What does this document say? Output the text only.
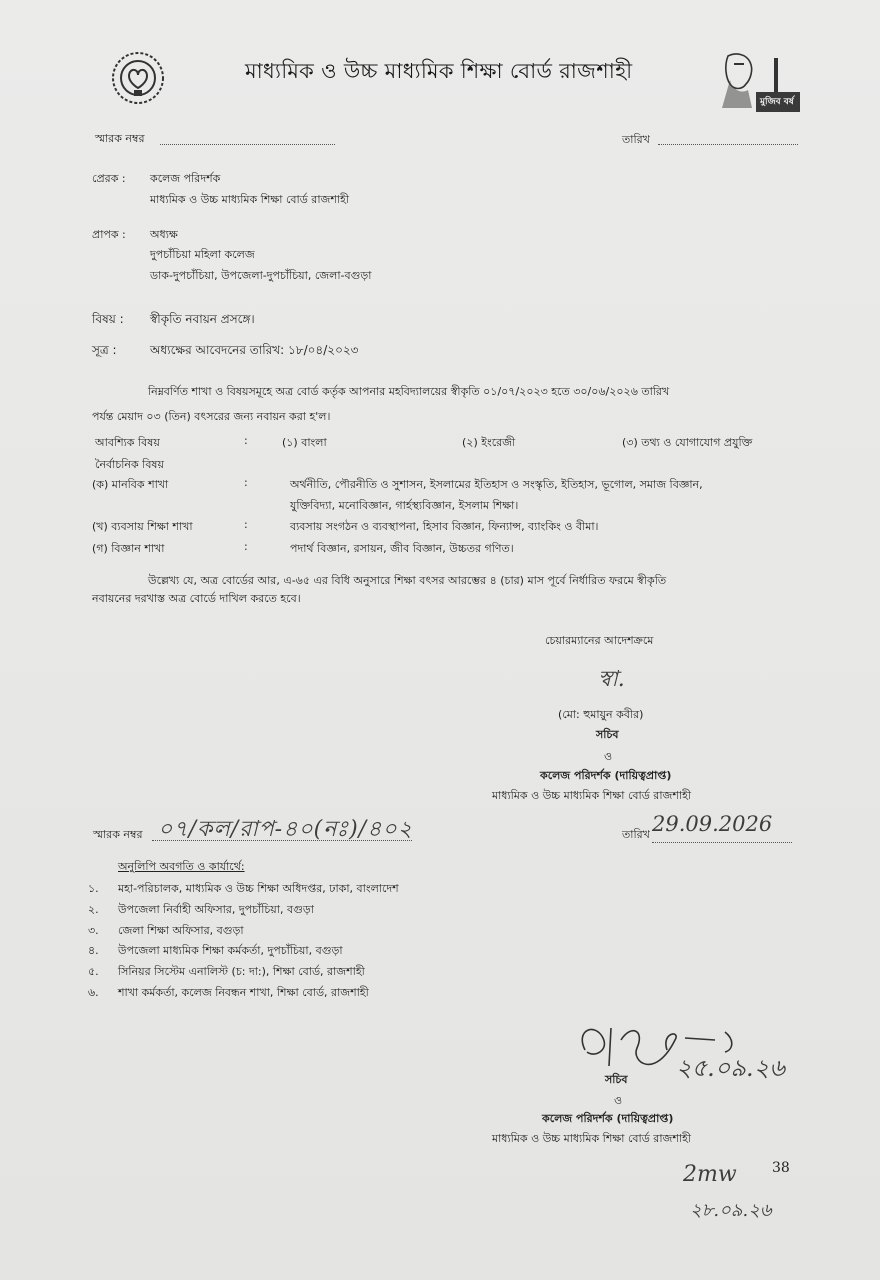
মাধ্যমিক ও উচ্চ মাধ্যমিক শিক্ষা বোর্ড রাজশাহী
মুজিব বর্ষ
স্মারক নম্বর	তারিখ
প্রেরক : কলেজ পরিদর্শক
মাধ্যমিক ও উচ্চ মাধ্যমিক শিক্ষা বোর্ড রাজশাহী
প্রাপক : অধ্যক্ষ
দুপচাঁচিয়া মহিলা কলেজ
ডাক-দুপচাঁচিয়া, উপজেলা-দুপচাঁচিয়া, জেলা-বগুড়া
বিষয় : স্বীকৃতি নবায়ন প্রসঙ্গে।
সূত্র :	অধ্যক্ষের আবেদনের তারিখ: ১৮/০৪/২০২৩
নিম্নবর্ণিত শাখা ও বিষয়সমূহে অত্র বোর্ড কর্তৃক আপনার মহবিদ্যালয়ের স্বীকৃতি ০১/০৭/২০২৩ হতে ৩০/০৬/২০২৬ তারিখ
পর্যন্ত মেয়াদ ০৩ (তিন) বৎসরের জন্য নবায়ন করা হ'ল।
আবশ্যিক বিষয়	:	(১) বাংলা	(২) ইংরেজী	(৩) তথ্য ও যোগাযোগ প্রযুক্তি
নৈর্বাচনিক বিষয়
(ক) মানবিক শাখা	:	অর্থনীতি, পৌরনীতি ও সুশাসন, ইসলামের ইতিহাস ও সংস্কৃতি, ইতিহাস, ভূগোল, সমাজ বিজ্ঞান,
যুক্তিবিদ্যা, মনোবিজ্ঞান, গার্হস্থ্যবিজ্ঞান, ইসলাম শিক্ষা।
(খ) ব্যবসায় শিক্ষা শাখা	:	ব্যবসায় সংগঠন ও ব্যবস্থাপনা, হিসাব বিজ্ঞান, ফিন্যান্স, ব্যাংকিং ও বীমা।
(গ) বিজ্ঞান শাখা	:	পদার্থ বিজ্ঞান, রসায়ন, জীব বিজ্ঞান, উচ্চতর গণিত।
উল্লেখ্য যে, অত্র বোর্ডের আর, এ-৬৫ এর বিধি অনুসারে শিক্ষা বৎসর আরম্ভের ৪ (চার) মাস পূর্বে নির্ধারিত ফরমে স্বীকৃতি
নবায়নের দরখাস্ত অত্র বোর্ডে দাখিল করতে হবে।
চেয়ারম্যানের আদেশক্রমে
স্বা.
(মো: হুমায়ুন কবীর)
সচিব
ও
কলেজ পরিদর্শক (দায়িত্বপ্রাপ্ত)
মাধ্যমিক ও উচ্চ মাধ্যমিক শিক্ষা বোর্ড রাজশাহী
স্মারক নম্বর ০৭/কল/রাপ-৪০(নঃ)/৪০২	তারিখ 29.09.2026
অনুলিপি অবগতি ও কার্যার্থে:
১. মহা-পরিচালক, মাধ্যমিক ও উচ্চ শিক্ষা অধিদপ্তর, ঢাকা, বাংলাদেশ
২. উপজেলা নির্বাহী অফিসার, দুপচাঁচিয়া, বগুড়া
৩. জেলা শিক্ষা অফিসার, বগুড়া
৪. উপজেলা মাধ্যমিক শিক্ষা কর্মকর্তা, দুপচাঁচিয়া, বগুড়া
৫. সিনিয়র সিস্টেম এনালিস্ট (চ: দা:), শিক্ষা বোর্ড, রাজশাহী
৬. শাখা কর্মকর্তা, কলেজ নিবন্ধন শাখা, শিক্ষা বোর্ড, রাজশাহী
২৫.০৯.২৬
সচিব
ও
কলেজ পরিদর্শক (দায়িত্বপ্রাপ্ত)
মাধ্যমিক ও উচ্চ মাধ্যমিক শিক্ষা বোর্ড রাজশাহী
2mw	38
২৮.০৯.২৬
